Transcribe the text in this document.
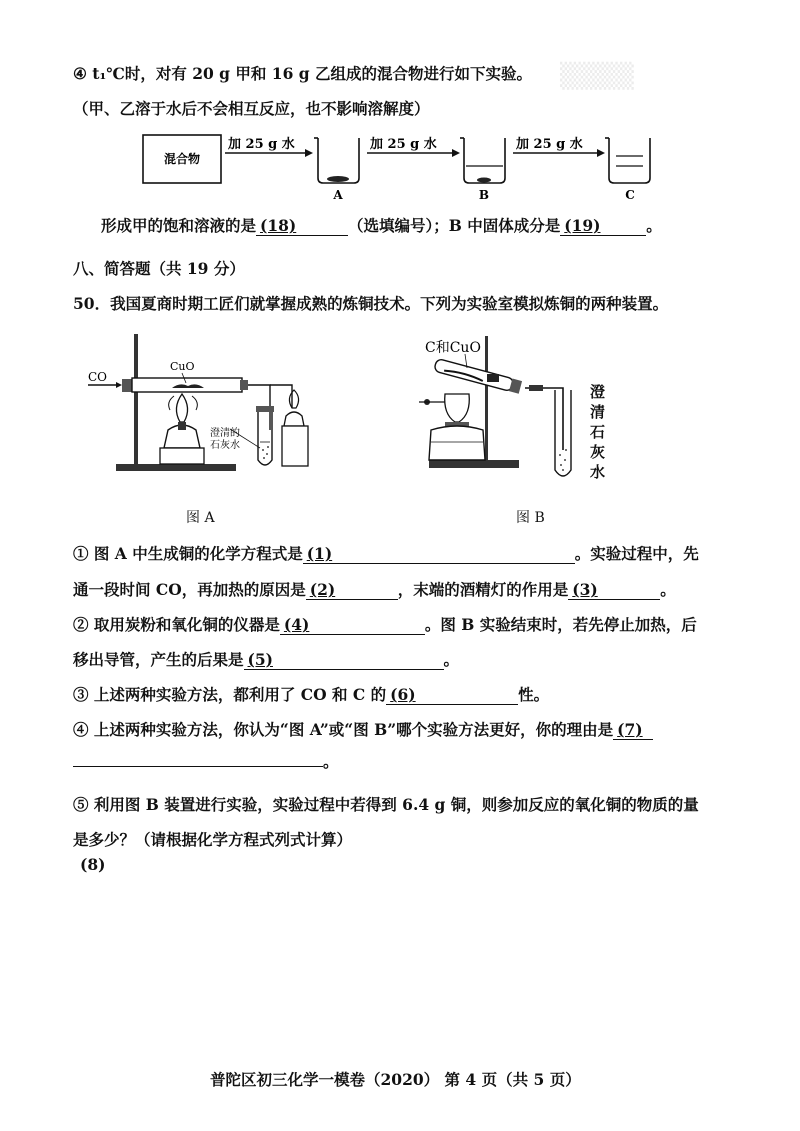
▒▒▒▒
④ t₁℃时，对有 20 g 甲和 16 g 乙组成的混合物进行如下实验。
（甲、乙溶于水后不会相互反应，也不影响溶解度）
混合物
加 25 g 水
A
加 25 g 水
B
加 25 g 水
C
形成甲的饱和溶液的是 (18)	（选填编号）；B 中固体成分是 (19)	。
八、简答题（共 19 分）
50．我国夏商时期工匠们就掌握成熟的炼铜技术。下列为实验室模拟炼铜的两种装置。
CO
CuO
澄清的
石灰水
图 A
C和CuO
澄
清
石
灰
水
图 B
① 图 A 中生成铜的化学方程式是 (1)	。实验过程中，先
通一段时间 CO，再加热的原因是 (2)	，末端的酒精灯的作用是 (3)	。
② 取用炭粉和氧化铜的仪器是 (4)	。图 B 实验结束时，若先停止加热，后
移出导管，产生的后果是 (5)	。
③ 上述两种实验方法，都利用了 CO 和 C 的 (6)	性。
④ 上述两种实验方法，你认为“图 A”或“图 B”哪个实验方法更好，你的理由是 (7)
。
⑤ 利用图 B 装置进行实验，实验过程中若得到 6.4 g 铜，则参加反应的氧化铜的物质的量
是多少？（请根据化学方程式列式计算）
(8)
普陀区初三化学一模卷（2020） 第 4 页（共 5 页）
